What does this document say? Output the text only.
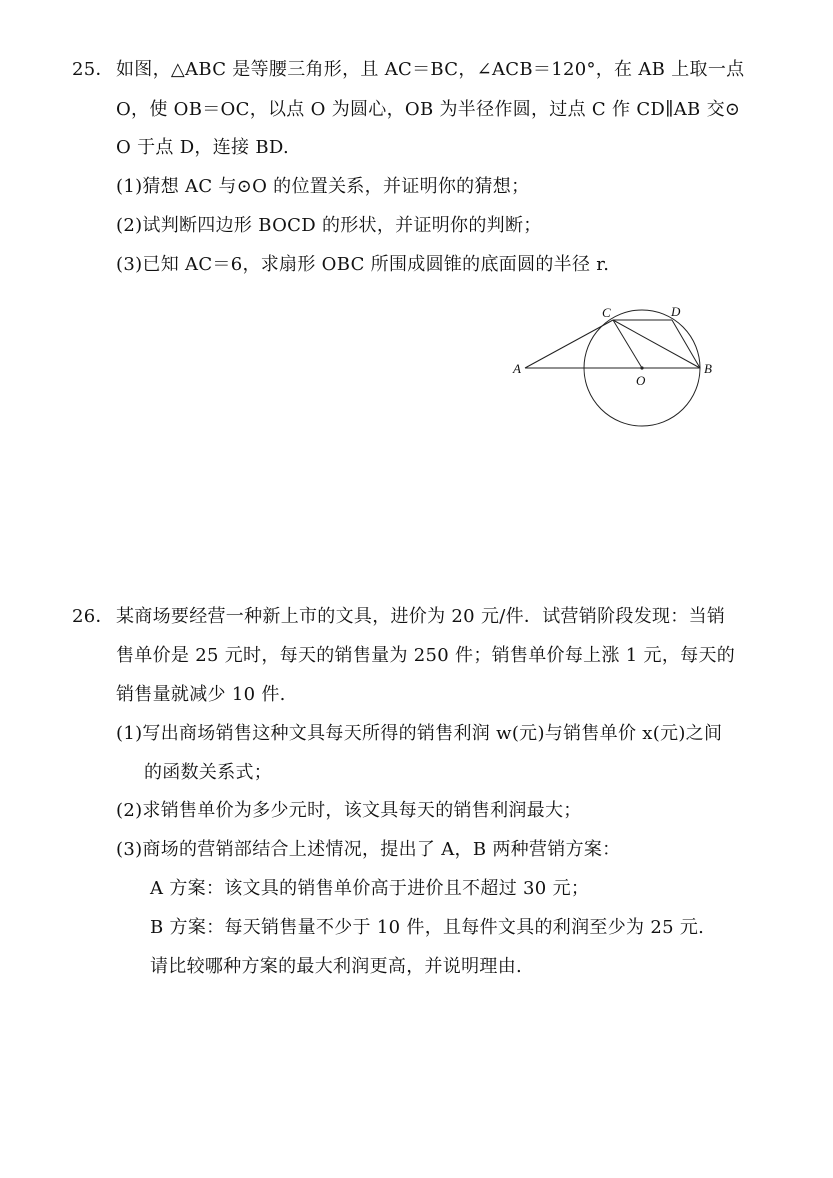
25． 如图，△ABC 是等腰三角形，且 AC＝BC，∠ACB＝120°，在 AB 上取一点
O，使 OB＝OC，以点 O 为圆心，OB 为半径作圆，过点 C 作 CD∥AB 交⊙
O 于点 D，连接 BD.
(1)猜想 AC 与⊙O 的位置关系，并证明你的猜想；
(2)试判断四边形 BOCD 的形状，并证明你的判断；
(3)已知 AC＝6，求扇形 OBC 所围成圆锥的底面圆的半径 r.
A	B
C	D
O
26． 某商场要经营一种新上市的文具，进价为 20 元/件．试营销阶段发现：当销
售单价是 25 元时，每天的销售量为 250 件；销售单价每上涨 1 元，每天的
销售量就减少 10 件.
(1)写出商场销售这种文具每天所得的销售利润 w(元)与销售单价 x(元)之间
的函数关系式；
(2)求销售单价为多少元时，该文具每天的销售利润最大；
(3)商场的营销部结合上述情况，提出了 A，B 两种营销方案：
A 方案：该文具的销售单价高于进价且不超过 30 元；
B 方案：每天销售量不少于 10 件，且每件文具的利润至少为 25 元.
请比较哪种方案的最大利润更高，并说明理由.
